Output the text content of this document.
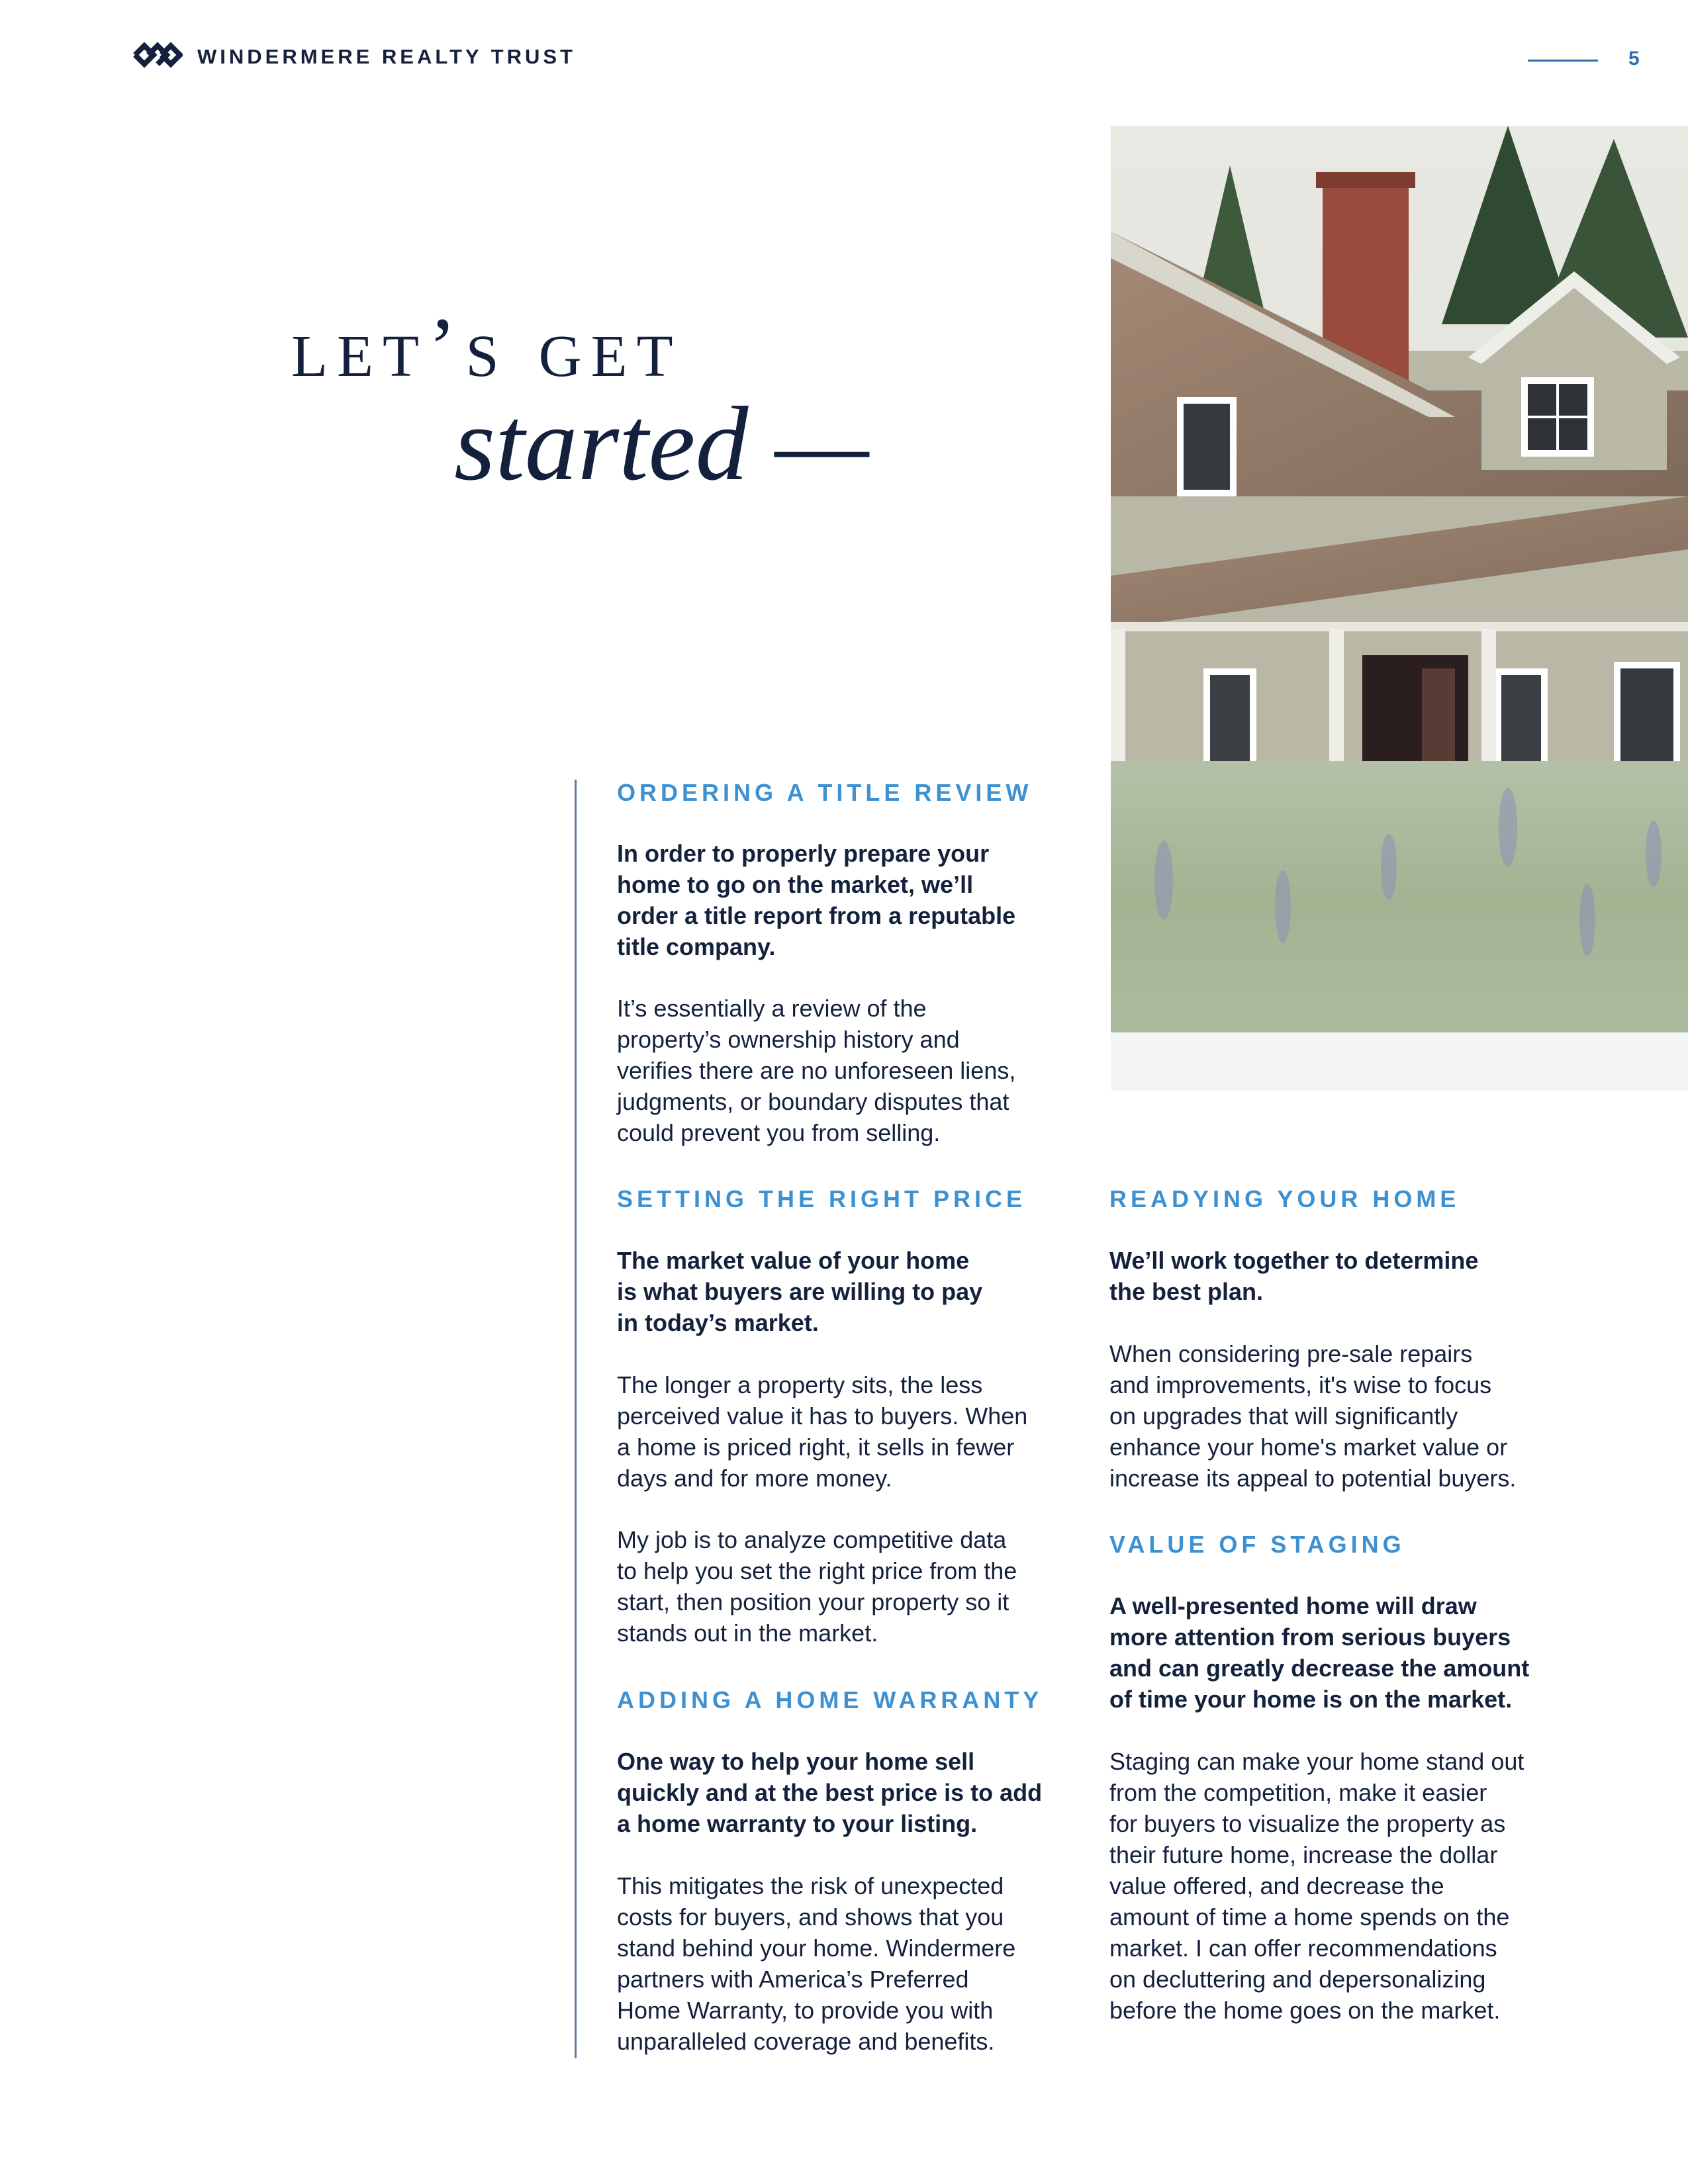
WINDERMERE REALTY TRUST	5
let’s get
started —
ORDERING A TITLE REVIEW
In order to properly prepare your
home to go on the market, we’ll
order a title report from a reputable
title company.
It’s essentially a review of the
property’s ownership history and
verifies there are no unforeseen liens,
judgments, or boundary disputes that
could prevent you from selling.
SETTING THE RIGHT PRICE
The market value of your home
is what buyers are willing to pay
in today’s market.
The longer a property sits, the less
perceived value it has to buyers. When
a home is priced right, it sells in fewer
days and for more money.
My job is to analyze competitive data
to help you set the right price from the
start, then position your property so it
stands out in the market.
ADDING A HOME WARRANTY
One way to help your home sell
quickly and at the best price is to add
a home warranty to your listing.
This mitigates the risk of unexpected
costs for buyers, and shows that you
stand behind your home. Windermere
partners with America’s Preferred
Home Warranty, to provide you with
unparalleled coverage and benefits.
READYING YOUR HOME
We’ll work together to determine
the best plan.
When considering pre-sale repairs
and improvements, it's wise to focus
on upgrades that will significantly
enhance your home's market value or
increase its appeal to potential buyers.
VALUE OF STAGING
A well-presented home will draw
more attention from serious buyers
and can greatly decrease the amount
of time your home is on the market.
Staging can make your home stand out
from the competition, make it easier
for buyers to visualize the property as
their future home, increase the dollar
value offered, and decrease the
amount of time a home spends on the
market. I can offer recommendations
on decluttering and depersonalizing
before the home goes on the market.
